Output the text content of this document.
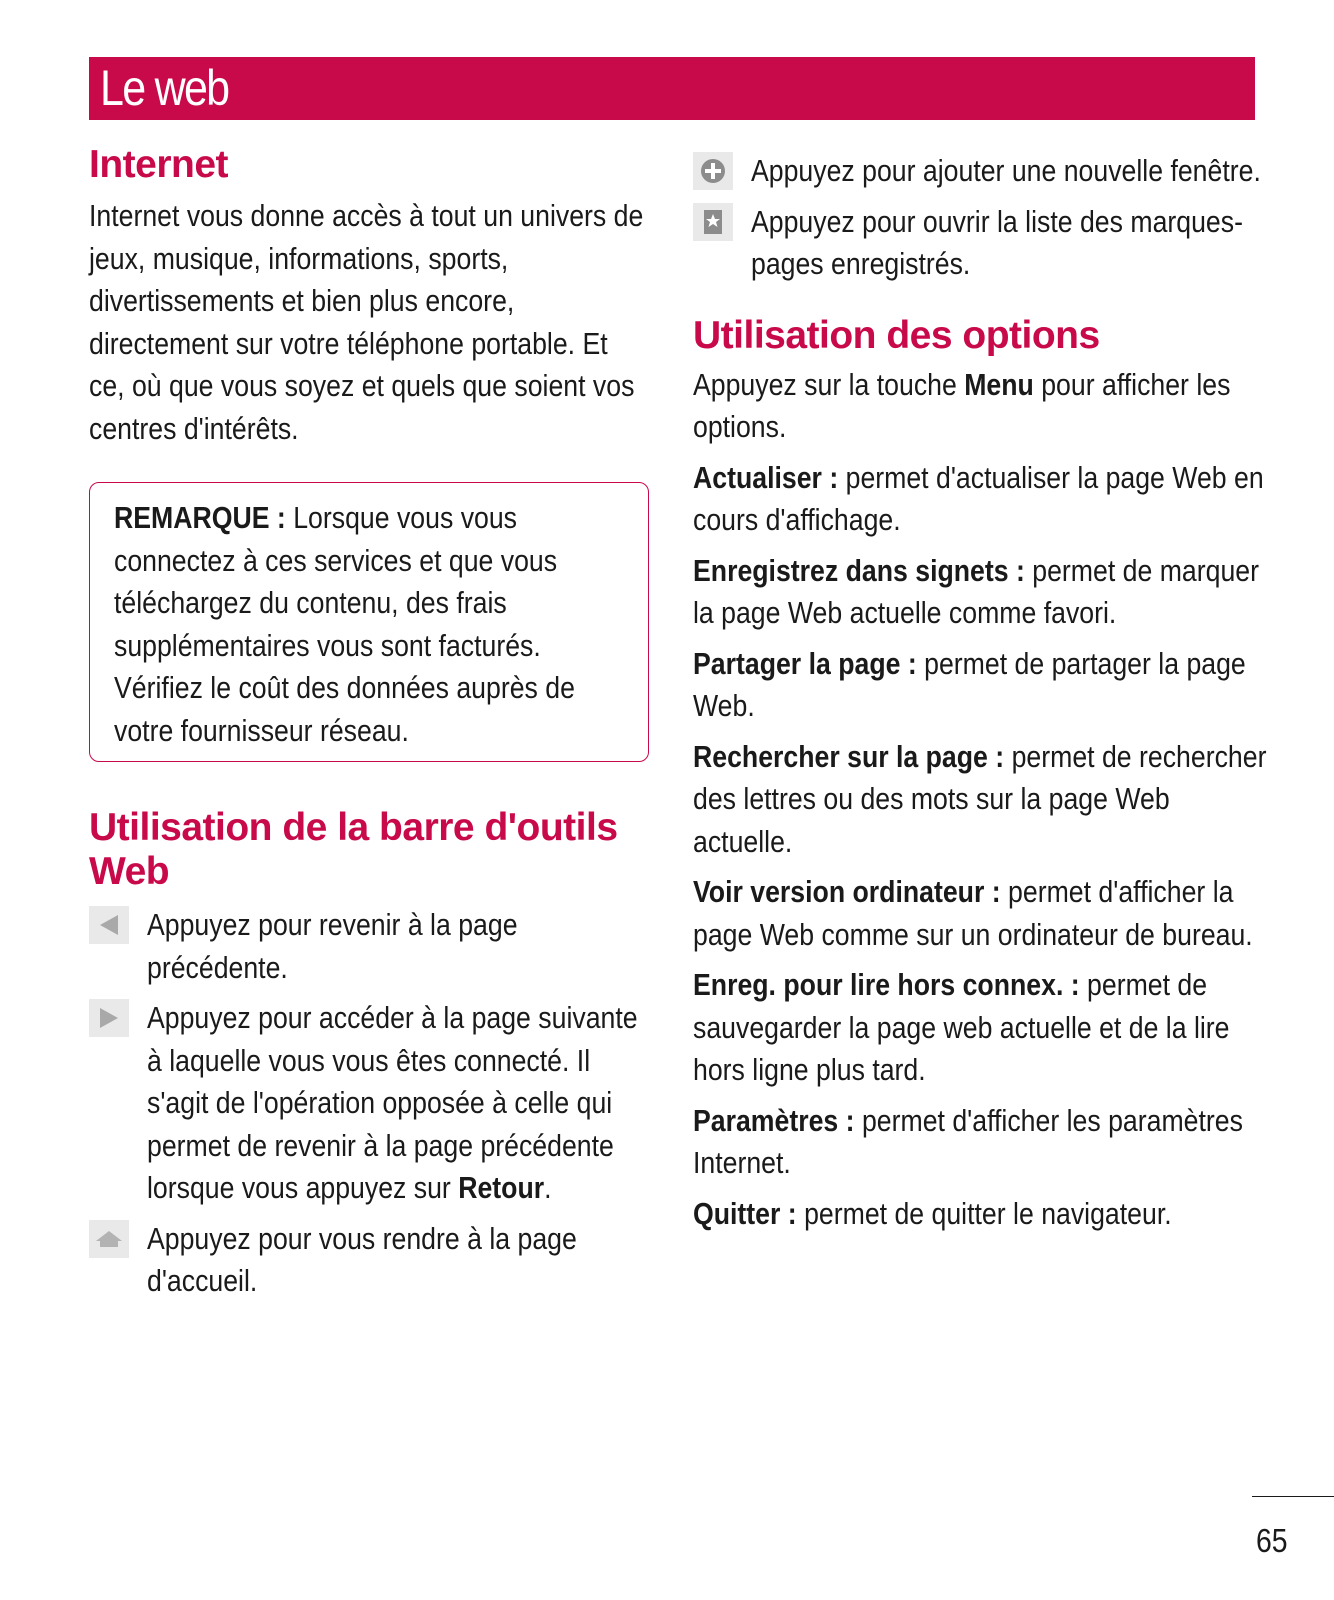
Le web
Internet

Internet vous donne accès à tout un univers de jeux, musique, informations, sports, divertissements et bien plus encore, directement sur votre téléphone portable. Et ce, où que vous soyez et quels que soient vos centres d'intérêts.

REMARQUE : Lorsque vous vous connectez à ces services et que vous téléchargez du contenu, des frais supplémentaires vous sont facturés. Vérifiez le coût des données auprès de votre fournisseur réseau.

Utilisation de la barre d'outils Web

Appuyez pour revenir à la page précédente.

Appuyez pour accéder à la page suivante à laquelle vous vous êtes connecté. Il s'agit de l'opération opposée à celle qui permet de revenir à la page précédente lorsque vous appuyez sur Retour.

Appuyez pour vous rendre à la page d'accueil.

Appuyez pour ajouter une nouvelle fenêtre.

Appuyez pour ouvrir la liste des marques-pages enregistrés.

Utilisation des options

Appuyez sur la touche Menu pour afficher les options.

Actualiser : permet d'actualiser la page Web en cours d'affichage.

Enregistrez dans signets : permet de marquer la page Web actuelle comme favori.

Partager la page : permet de partager la page Web.

Rechercher sur la page : permet de rechercher des lettres ou des mots sur la page Web actuelle.

Voir version ordinateur : permet d'afficher la page Web comme sur un ordinateur de bureau.

Enreg. pour lire hors connex. : permet de sauvegarder la page web actuelle et de la lire hors ligne plus tard.

Paramètres : permet d'afficher les paramètres Internet.

Quitter : permet de quitter le navigateur.

65
